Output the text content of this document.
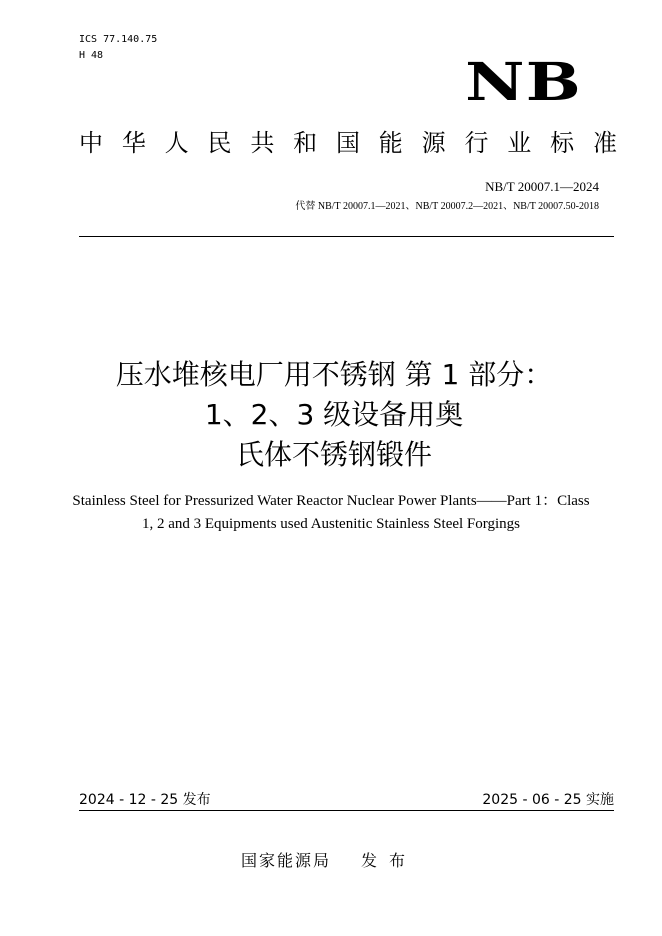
ICS 77.140.75
H 48	NB
中 华 人 民 共 和 国 能 源 行 业 标 准
NB/T 20007.1—2024
代替 NB/T 20007.1—2021、NB/T 20007.2—2021、NB/T 20007.50-2018
压水堆核电厂用不锈钢 第 1 部分：
1、2、3 级设备用奥
氏体不锈钢锻件
Stainless Steel for Pressurized Water Reactor Nuclear Power Plants——Part 1：Class
1, 2 and 3 Equipments used Austenitic Stainless Steel Forgings
2024 - 12 - 25 发布	2025 - 06 - 25 实施
国家能源局 发布
